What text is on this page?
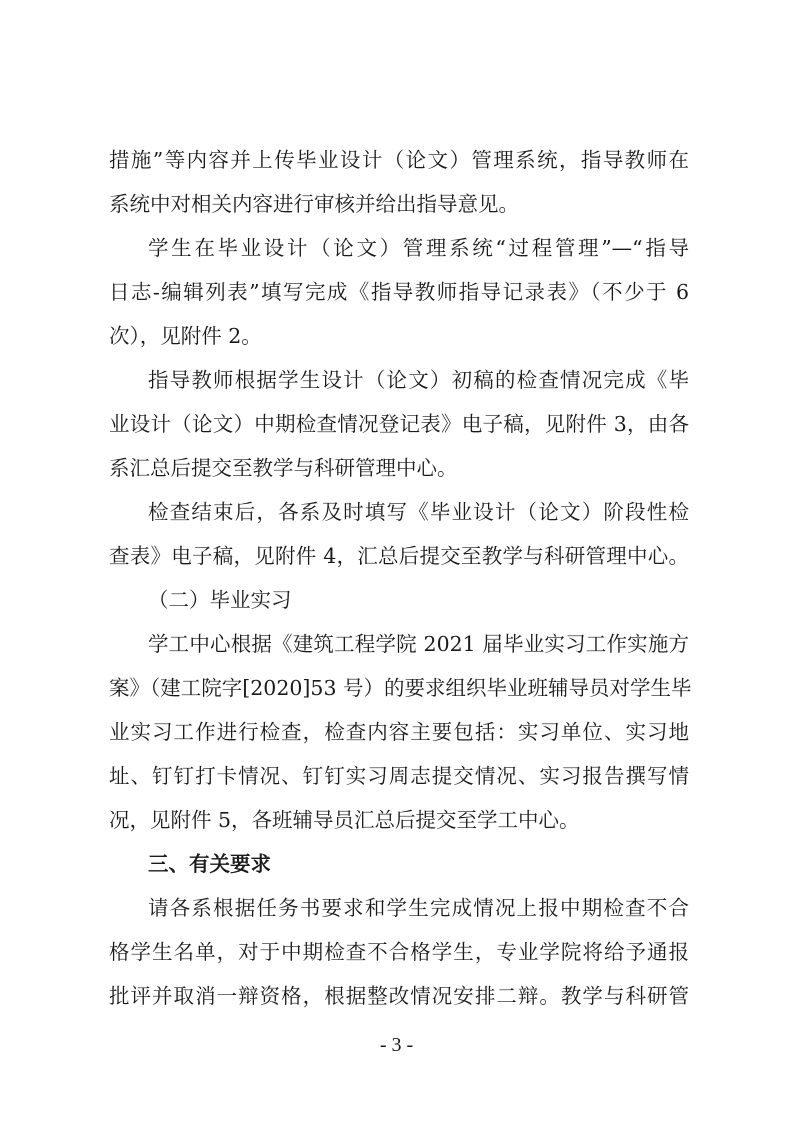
措施”等内容并上传毕业设计（论文）管理系统，指导教师在
系统中对相关内容进行审核并给出指导意见。
学生在毕业设计（论文）管理系统“过程管理”—“指导
日志-编辑列表”填写完成《指导教师指导记录表》（不少于 6
次），见附件 2。
指导教师根据学生设计（论文）初稿的检查情况完成《毕
业设计（论文）中期检查情况登记表》电子稿，见附件 3，由各
系汇总后提交至教学与科研管理中心。
检查结束后，各系及时填写《毕业设计（论文）阶段性检
查表》电子稿，见附件 4，汇总后提交至教学与科研管理中心。
（二）毕业实习
学工中心根据《建筑工程学院 2021 届毕业实习工作实施方
案》（建工院字[2020]53 号）的要求组织毕业班辅导员对学生毕
业实习工作进行检查，检查内容主要包括：实习单位、实习地
址、钉钉打卡情况、钉钉实习周志提交情况、实习报告撰写情
况，见附件 5，各班辅导员汇总后提交至学工中心。
三、有关要求
请各系根据任务书要求和学生完成情况上报中期检查不合
格学生名单，对于中期检查不合格学生，专业学院将给予通报
- 3 -
批评并取消一辩资格，根据整改情况安排二辩。教学与科研管
